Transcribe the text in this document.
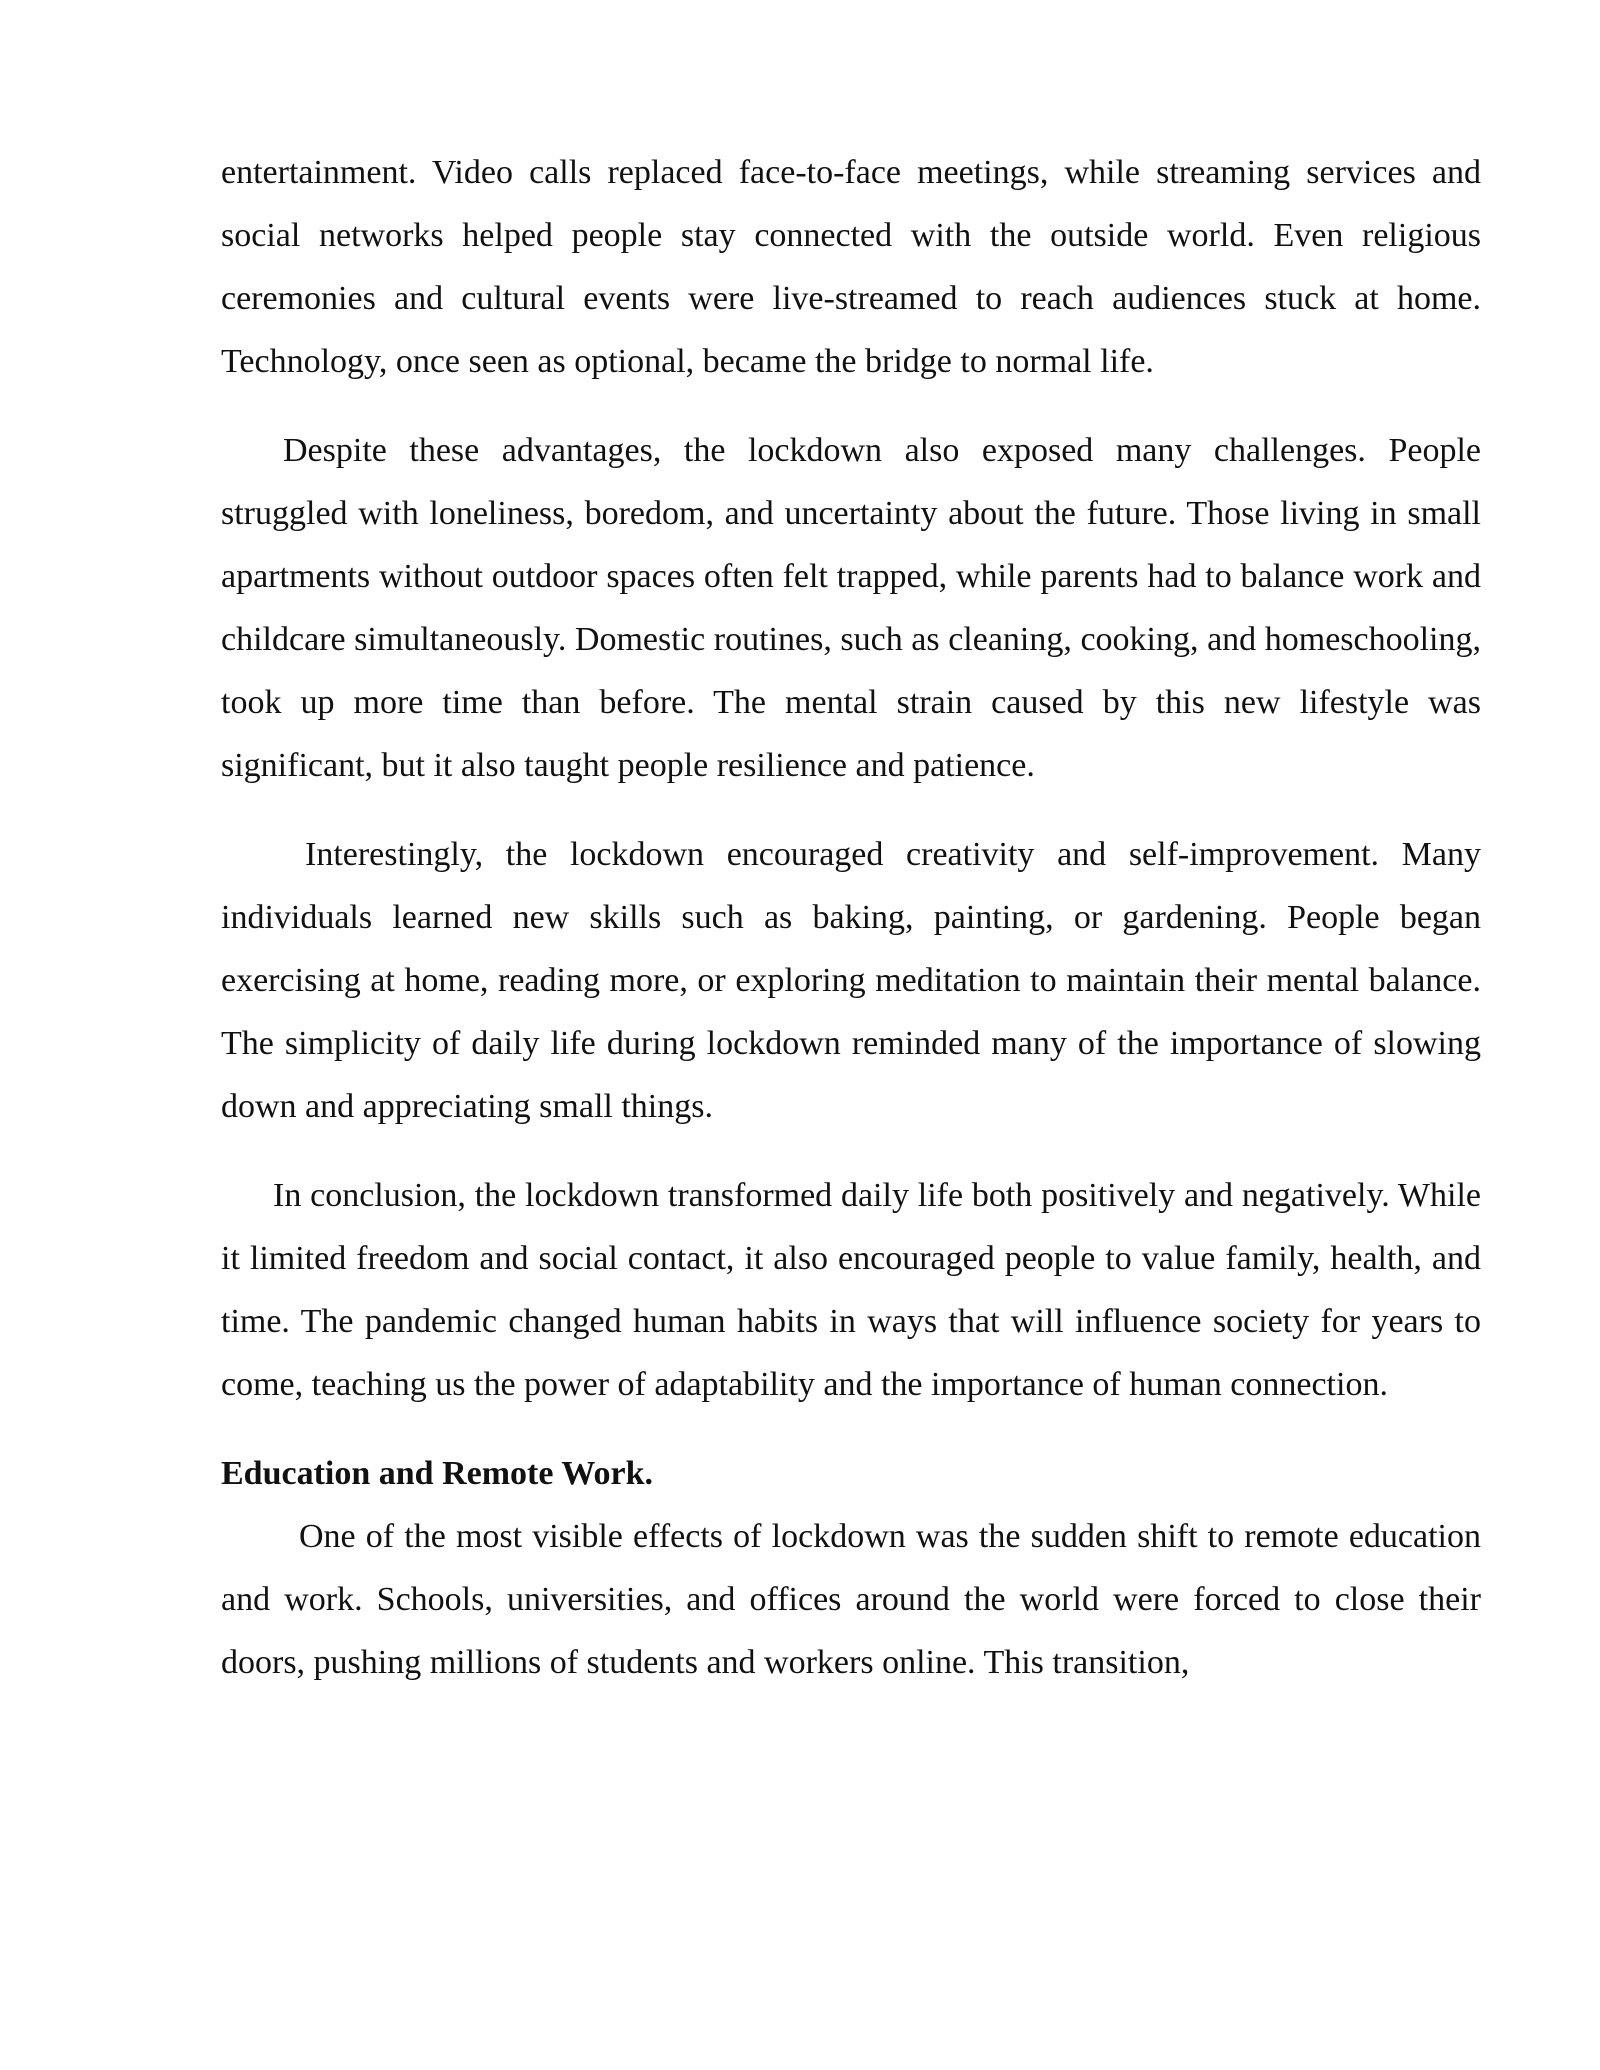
entertainment. Video calls replaced face-to-face meetings, while streaming services and social networks helped people stay connected with the outside world. Even religious ceremonies and cultural events were live-streamed to reach audiences stuck at home. Technology, once seen as optional, became the bridge to normal life.

Despite these advantages, the lockdown also exposed many challenges. People struggled with loneliness, boredom, and uncertainty about the future. Those living in small apartments without outdoor spaces often felt trapped, while parents had to balance work and childcare simultaneously. Domestic routines, such as cleaning, cooking, and homeschooling, took up more time than before. The mental strain caused by this new lifestyle was significant, but it also taught people resilience and patience.

Interestingly, the lockdown encouraged creativity and self-improvement. Many individuals learned new skills such as baking, painting, or gardening. People began exercising at home, reading more, or exploring meditation to maintain their mental balance. The simplicity of daily life during lockdown reminded many of the importance of slowing down and appreciating small things.

In conclusion, the lockdown transformed daily life both positively and negatively. While it limited freedom and social contact, it also encouraged people to value family, health, and time. The pandemic changed human habits in ways that will influence society for years to come, teaching us the power of adaptability and the importance of human connection.

Education and Remote Work.

One of the most visible effects of lockdown was the sudden shift to remote education and work. Schools, universities, and offices around the world were forced to close their doors, pushing millions of students and workers online. This transition,
